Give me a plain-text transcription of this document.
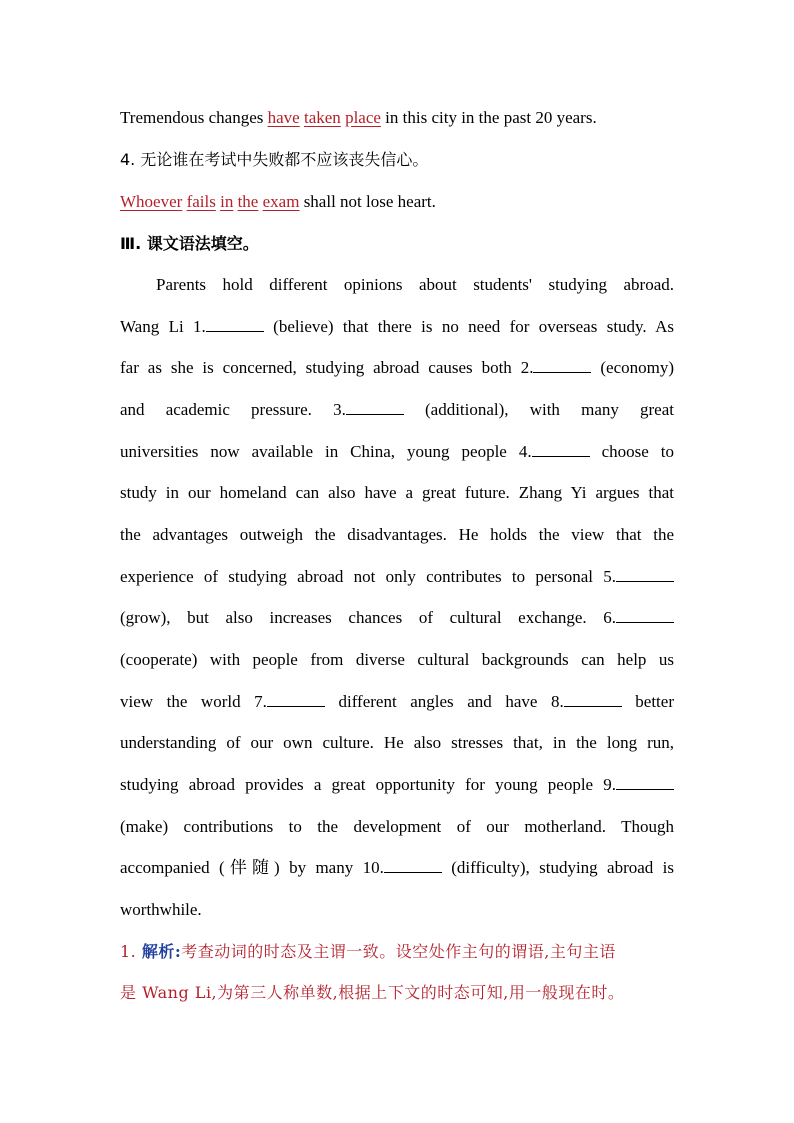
Tremendous changes have taken place in this city in the past 20 years.
4. 无论谁在考试中失败都不应该丧失信心。
Whoever fails in the exam shall not lose heart.
Ⅲ. 课文语法填空。
Parents hold different opinions about students' studying abroad.
Wang Li 1.	(believe) that there is no need for overseas study. As
far as she is concerned, studying abroad causes both 2.	(economy)
and academic pressure. 3.	(additional), with many great
universities now available in China, young people 4.	choose to
study in our homeland can also have a great future. Zhang Yi argues that
the advantages outweigh the disadvantages. He holds the view that the
experience of studying abroad not only contributes to personal 5.
(grow), but also increases chances of cultural exchange. 6.
(cooperate) with people from diverse cultural backgrounds can help us
view the world 7.	different angles and have 8.	better
understanding of our own culture. He also stresses that, in the long run,
studying abroad provides a great opportunity for young people 9.
(make) contributions to the development of our motherland. Though
accompanied (伴随) by many 10.	(difficulty), studying abroad is
worthwhile.
1. 解析:考查动词的时态及主谓一致。设空处作主句的谓语,主句主语
是 Wang Li,为第三人称单数,根据上下文的时态可知,用一般现在时。
